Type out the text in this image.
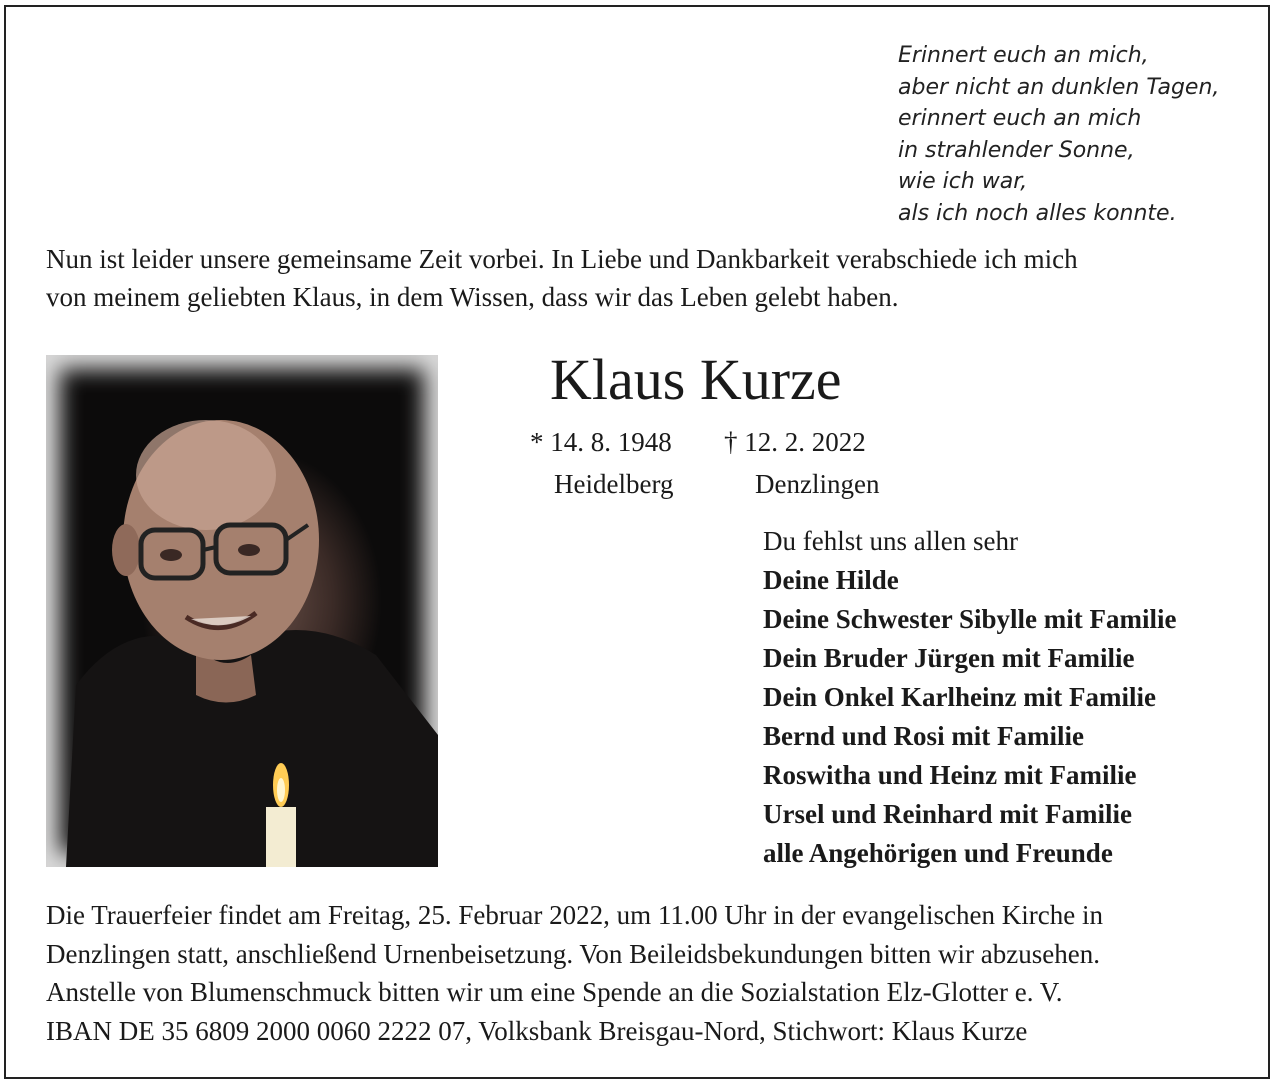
Erinnert euch an mich,
aber nicht an dunklen Tagen,
erinnert euch an mich
in strahlender Sonne,
wie ich war,
als ich noch alles konnte.
Nun ist leider unsere gemeinsame Zeit vorbei. In Liebe und Dankbarkeit verabschiede ich mich
von meinem geliebten Klaus, in dem Wissen, dass wir das Leben gelebt haben.
Klaus Kurze
* 14. 8. 1948 † 12. 2. 2022
Heidelberg	Denzlingen
Du fehlst uns allen sehr
Deine Hilde
Deine Schwester Sibylle mit Familie
Dein Bruder Jürgen mit Familie
Dein Onkel Karlheinz mit Familie
Bernd und Rosi mit Familie
Roswitha und Heinz mit Familie
Ursel und Reinhard mit Familie
alle Angehörigen und Freunde
Die Trauerfeier findet am Freitag, 25. Februar 2022, um 11.00 Uhr in der evangelischen Kirche in
Denzlingen statt, anschließend Urnenbeisetzung. Von Beileidsbekundungen bitten wir abzusehen.
Anstelle von Blumenschmuck bitten wir um eine Spende an die Sozialstation Elz-Glotter e. V.
IBAN DE 35 6809 2000 0060 2222 07, Volksbank Breisgau-Nord, Stichwort: Klaus Kurze
